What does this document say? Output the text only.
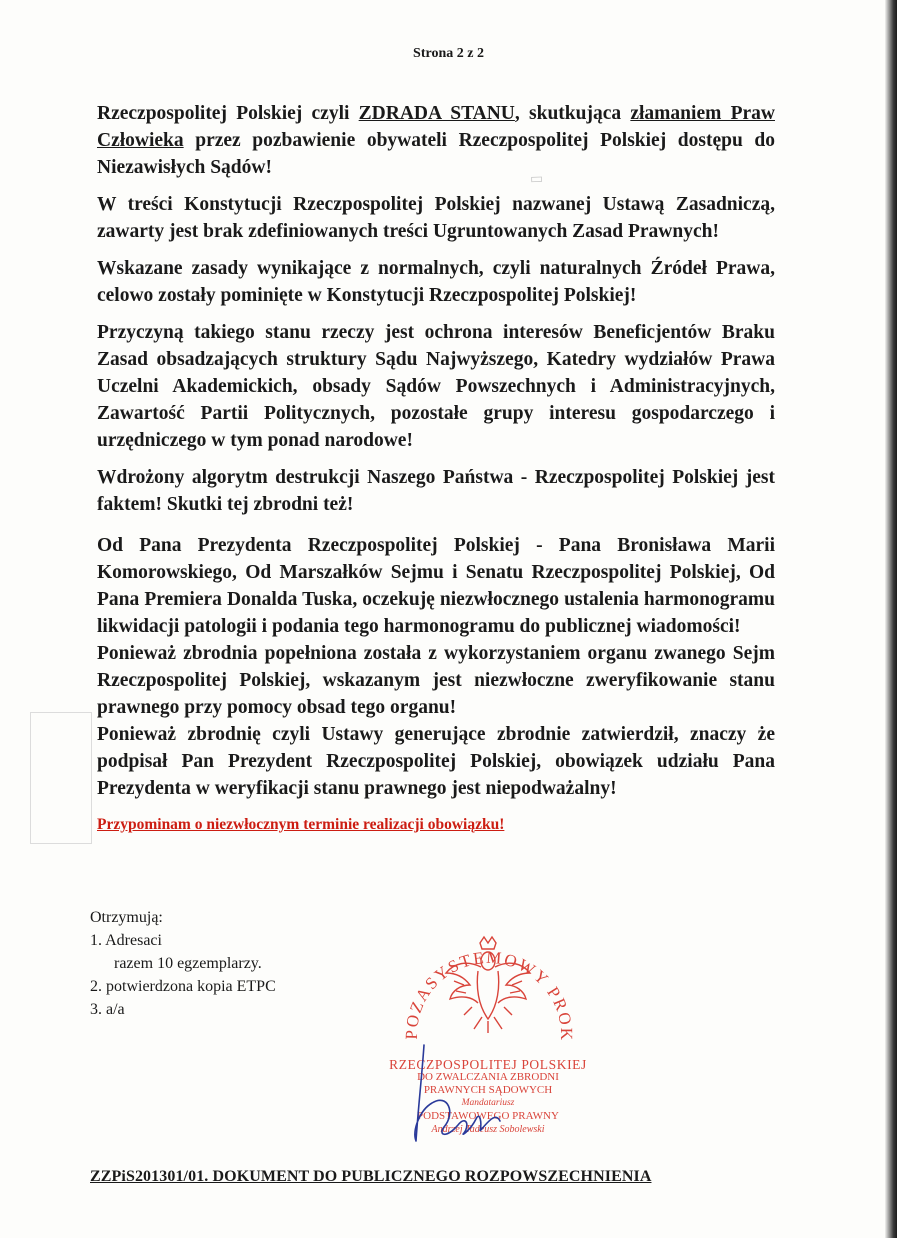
▭
Strona 2 z 2

Rzeczpospolitej Polskiej czyli ZDRADA STANU, skutkująca złamaniem Praw Człowieka przez pozbawienie obywateli Rzeczpospolitej Polskiej dostępu do Niezawisłych Sądów!

W treści Konstytucji Rzeczpospolitej Polskiej nazwanej Ustawą Zasadniczą, zawarty jest brak zdefiniowanych treści Ugruntowanych Zasad Prawnych!

Wskazane zasady wynikające z normalnych, czyli naturalnych Źródeł Prawa, celowo zostały pominięte w Konstytucji Rzeczpospolitej Polskiej!

Przyczyną takiego stanu rzeczy jest ochrona interesów Beneficjentów Braku Zasad obsadzających struktury Sądu Najwyższego, Katedry wydziałów Prawa Uczelni Akademickich, obsady Sądów Powszechnych i Administracyjnych, Zawartość Partii Politycznych, pozostałe grupy interesu gospodarczego i urzędniczego w tym ponad narodowe!

Wdrożony algorytm destrukcji Naszego Państwa - Rzeczpospolitej Polskiej jest faktem! Skutki tej zbrodni też!

Od Pana Prezydenta Rzeczpospolitej Polskiej - Pana Bronisława Marii Komorowskiego, Od Marszałków Sejmu i Senatu Rzeczpospolitej Polskiej, Od Pana Premiera Donalda Tuska, oczekuję niezwłocznego ustalenia harmonogramu likwidacji patologii i podania tego harmonogramu do publicznej wiadomości!

Ponieważ zbrodnia popełniona została z wykorzystaniem organu zwanego Sejm Rzeczpospolitej Polskiej, wskazanym jest niezwłoczne zweryfikowanie stanu prawnego przy pomocy obsad tego organu!

Ponieważ zbrodnię czyli Ustawy generujące zbrodnie zatwierdził, znaczy że podpisał Pan Prezydent Rzeczpospolitej Polskiej, obowiązek udziału Pana Prezydenta w weryfikacji stanu prawnego jest niepodważalny!

Przypominam o niezwłocznym terminie realizacji obowiązku!

Otrzymują:
1. Adresaci
razem 10 egzemplarzy.
2. potwierdzona kopia ETPC
3. a/a
POZASYSTEMOWY PROK
RZECZPOSPOLITEJ POLSKIEJ
DO ZWALCZANIA ZBRODNI
PRAWNYCH SĄDOWYCH
Mandatariusz
PODSTAWOWEGO PRAWNY
Andrzej Tadeusz Sobolewski
ZZPiS201301/01. DOKUMENT DO PUBLICZNEGO ROZPOWSZECHNIENIA
